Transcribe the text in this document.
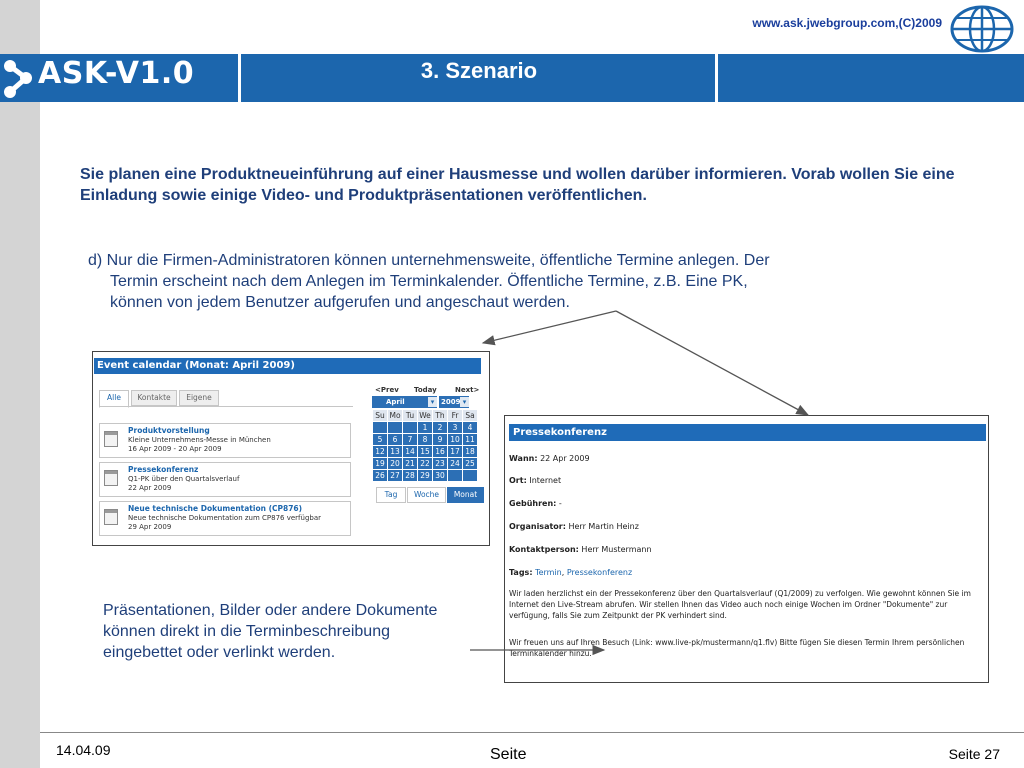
www.ask.jwebgroup.com,(C)2009
ASK-V1.0	3. Szenario
Sie planen eine Produktneueinführung auf einer Hausmesse und wollen darüber informieren. Vorab wollen Sie eine Einladung sowie einige Video- und Produktpräsentationen veröffentlichen.
d) Nur die Firmen-Administratoren können unternehmensweite, öffentliche Termine anlegen. Der
Termin erscheint nach dem Anlegen im Terminkalender. Öffentliche Termine, z.B. Eine PK,
können von jedem Benutzer aufgerufen und angeschaut werden.
Event calendar (Monat: April 2009)
Alle	Kontakte	Eigene
Produktvorstellung
Kleine Unternehmens-Messe in München
16 Apr 2009 - 20 Apr 2009
Pressekonferenz
Q1-PK über den Quartalsverlauf
22 Apr 2009
Neue technische Dokumentation (CP876)
Neue technische Dokumentation zum CP876 verfügbar
29 Apr 2009
<Prev Today	Next>
April	▾ 2009 ▾
Su	Mo	Tu	We	Th	Fr	Sa
			1	2	3	4
5	6	7	8	9	10	11
12	13	14	15	16	17	18
19	20	21	22	23	24	25
26	27	28	29	30		
Tag	Woche	Monat
Pressekonferenz
Wann: 22 Apr 2009
Ort: Internet
Gebühren: -
Organisator: Herr Martin Heinz
Kontaktperson: Herr Mustermann
Tags: Termin, Pressekonferenz
Wir laden herzlichst ein der Pressekonferenz über den Quartalsverlauf (Q1/2009) zu verfolgen. Wie gewohnt können Sie im Internet den Live-Stream abrufen. Wir stellen Ihnen das Video auch noch einige Wochen im Ordner "Dokumente" zur verfügung, falls Sie zum Zeitpunkt der PK verhindert sind.
Wir freuen uns auf Ihren Besuch (Link: www.live-pk/mustermann/q1.flv) Bitte fügen Sie diesen Termin Ihrem persönlichen Terminkalender hinzu.
Präsentationen, Bilder oder andere Dokumente können direkt in die Terminbeschreibung eingebettet oder verlinkt werden.
14.04.09	Seite	Seite 27
